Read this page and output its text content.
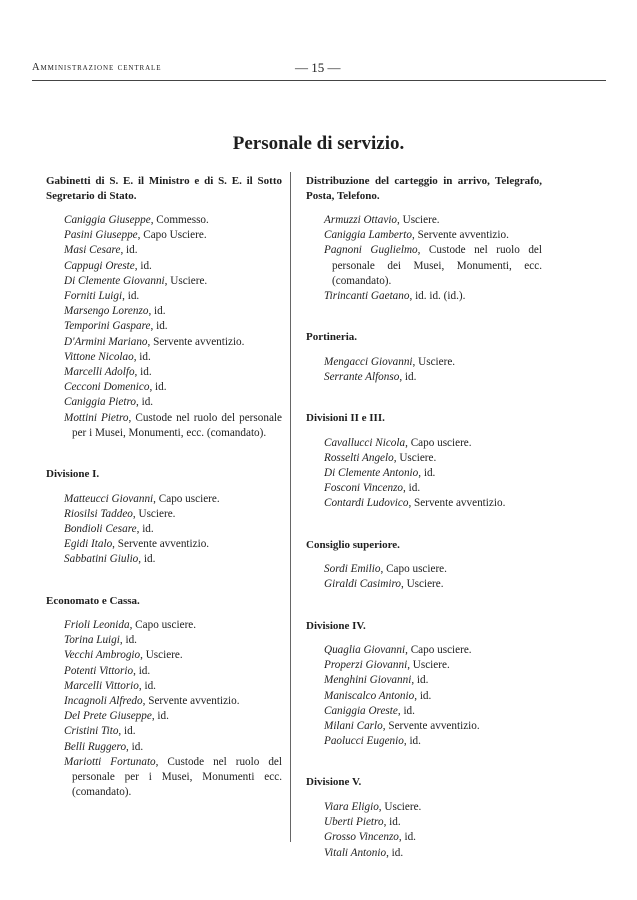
Amministrazione centrale	— 15 —
Personale di servizio.
Gabinetti di S. E. il Ministro e di S. E. il Sotto Segretario di Stato.
Caniggia Giuseppe, Commesso.
Pasini Giuseppe, Capo Usciere.
Masi Cesare, id.
Cappugi Oreste, id.
Di Clemente Giovanni, Usciere.
Forniti Luigi, id.
Marsengo Lorenzo, id.
Temporini Gaspare, id.
D'Armini Mariano, Servente avventizio.
Vittone Nicolao, id.
Marcelli Adolfo, id.
Cecconi Domenico, id.
Caniggia Pietro, id.
Mottini Pietro, Custode nel ruolo del personale per i Musei, Monumenti, ecc. (comandato).
Divisione I.
Matteucci Giovanni, Capo usciere.
Riosilsi Taddeo, Usciere.
Bondioli Cesare, id.
Egidi Italo, Servente avventizio.
Sabbatini Giulio, id.
Economato e Cassa.
Frioli Leonida, Capo usciere.
Torina Luigi, id.
Vecchi Ambrogio, Usciere.
Potenti Vittorio, id.
Marcelli Vittorio, id.
Incagnoli Alfredo, Servente avventizio.
Del Prete Giuseppe, id.
Cristini Tito, id.
Belli Ruggero, id.
Mariotti Fortunato, Custode nel ruolo del personale per i Musei, Monumenti ecc. (comandato).
Distribuzione del carteggio in arrivo, Telegrafo, Posta, Telefono.
Armuzzi Ottavio, Usciere.
Caniggia Lamberto, Servente avventizio.
Pagnoni Guglielmo, Custode nel ruolo del personale dei Musei, Monumenti, ecc. (comandato).
Tirincanti Gaetano, id. id. (id.).
Portineria.
Mengacci Giovanni, Usciere.
Serrante Alfonso, id.
Divisioni II e III.
Cavallucci Nicola, Capo usciere.
Rosselti Angelo, Usciere.
Di Clemente Antonio, id.
Fosconi Vincenzo, id.
Contardi Ludovico, Servente avventizio.
Consiglio superiore.
Sordi Emilio, Capo usciere.
Giraldi Casimiro, Usciere.
Divisione IV.
Quaglia Giovanni, Capo usciere.
Properzi Giovanni, Usciere.
Menghini Giovanni, id.
Maniscalco Antonio, id.
Caniggia Oreste, id.
Milani Carlo, Servente avventizio.
Paolucci Eugenio, id.
Divisione V.
Viara Eligio, Usciere.
Uberti Pietro, id.
Grosso Vincenzo, id.
Vitali Antonio, id.
